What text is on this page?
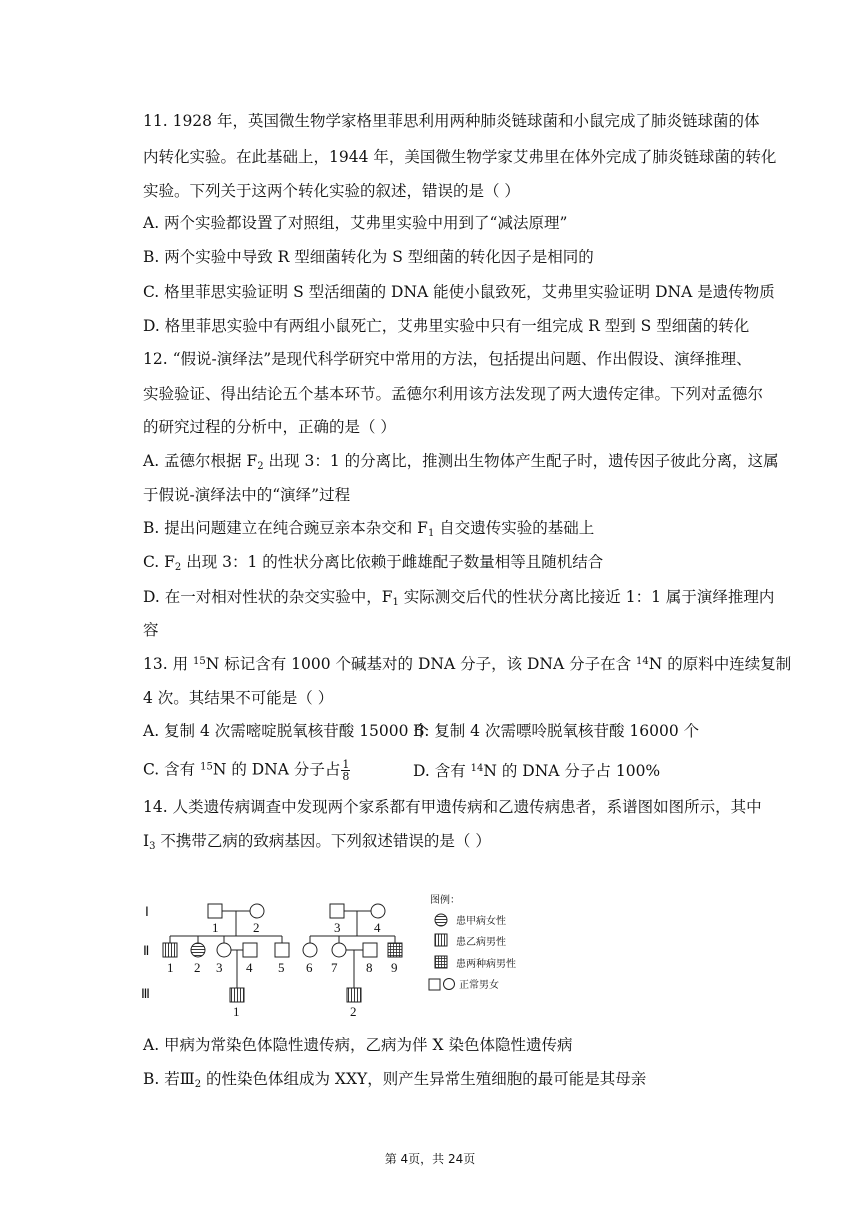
11. 1928 年，英国微生物学家格里菲思利用两种肺炎链球菌和小鼠完成了肺炎链球菌的体
内转化实验。在此基础上，1944 年，美国微生物学家艾弗里在体外完成了肺炎链球菌的转化
实验。下列关于这两个转化实验的叙述，错误的是（ ）
A. 两个实验都设置了对照组，艾弗里实验中用到了“减法原理”
B. 两个实验中导致 R 型细菌转化为 S 型细菌的转化因子是相同的
C. 格里菲思实验证明 S 型活细菌的 DNA 能使小鼠致死，艾弗里实验证明 DNA 是遗传物质
D. 格里菲思实验中有两组小鼠死亡，艾弗里实验中只有一组完成 R 型到 S 型细菌的转化
12. “假说-演绎法”是现代科学研究中常用的方法，包括提出问题、作出假设、演绎推理、
实验验证、得出结论五个基本环节。孟德尔利用该方法发现了两大遗传定律。下列对孟德尔
的研究过程的分析中，正确的是（ ）
A. 孟德尔根据 $F_2$ 出现 3：1 的分离比，推测出生物体产生配子时，遗传因子彼此分离，这属
于假说-演绎法中的“演绎”过程
B. 提出问题建立在纯合豌豆亲本杂交和 $F_1$ 自交遗传实验的基础上
C. $F_2$ 出现 3：1 的性状分离比依赖于雌雄配子数量相等且随机结合
D. 在一对相对性状的杂交实验中，$F_1$ 实际测交后代的性状分离比接近 1：1 属于演绎推理内
容
13. 用 $^{15}$N 标记含有 1000 个碱基对的 DNA 分子，该 DNA 分子在含 $^{14}$N 的原料中连续复制
4 次。其结果不可能是（ ）
A. 复制 4 次需嘧啶脱氧核苷酸 15000 个
B. 复制 4 次需嘌呤脱氧核苷酸 16000 个
C. 含有 $^{15}$N 的 DNA 分子占 $\frac{1}{8}$	D. 含有 $^{14}$N 的 DNA 分子占 100%
14. 人类遗传病调查中发现两个家系都有甲遗传病和乙遗传病患者，系谱图如图所示，其中
$Ⅰ_3$ 不携带乙病的致病基因。下列叙述错误的是（ ）
Ⅰ
Ⅱ
Ⅲ
1	2	3	4
1 2 3 4 5 6 7 8 9
1	2
图例：
患甲病女性
患乙病男性
患两种病男性
正常男女
A. 甲病为常染色体隐性遗传病，乙病为伴 X 染色体隐性遗传病
B. 若$Ⅲ_2$ 的性染色体组成为 XXY，则产生异常生殖细胞的最可能是其母亲
第 4页，共 24页
